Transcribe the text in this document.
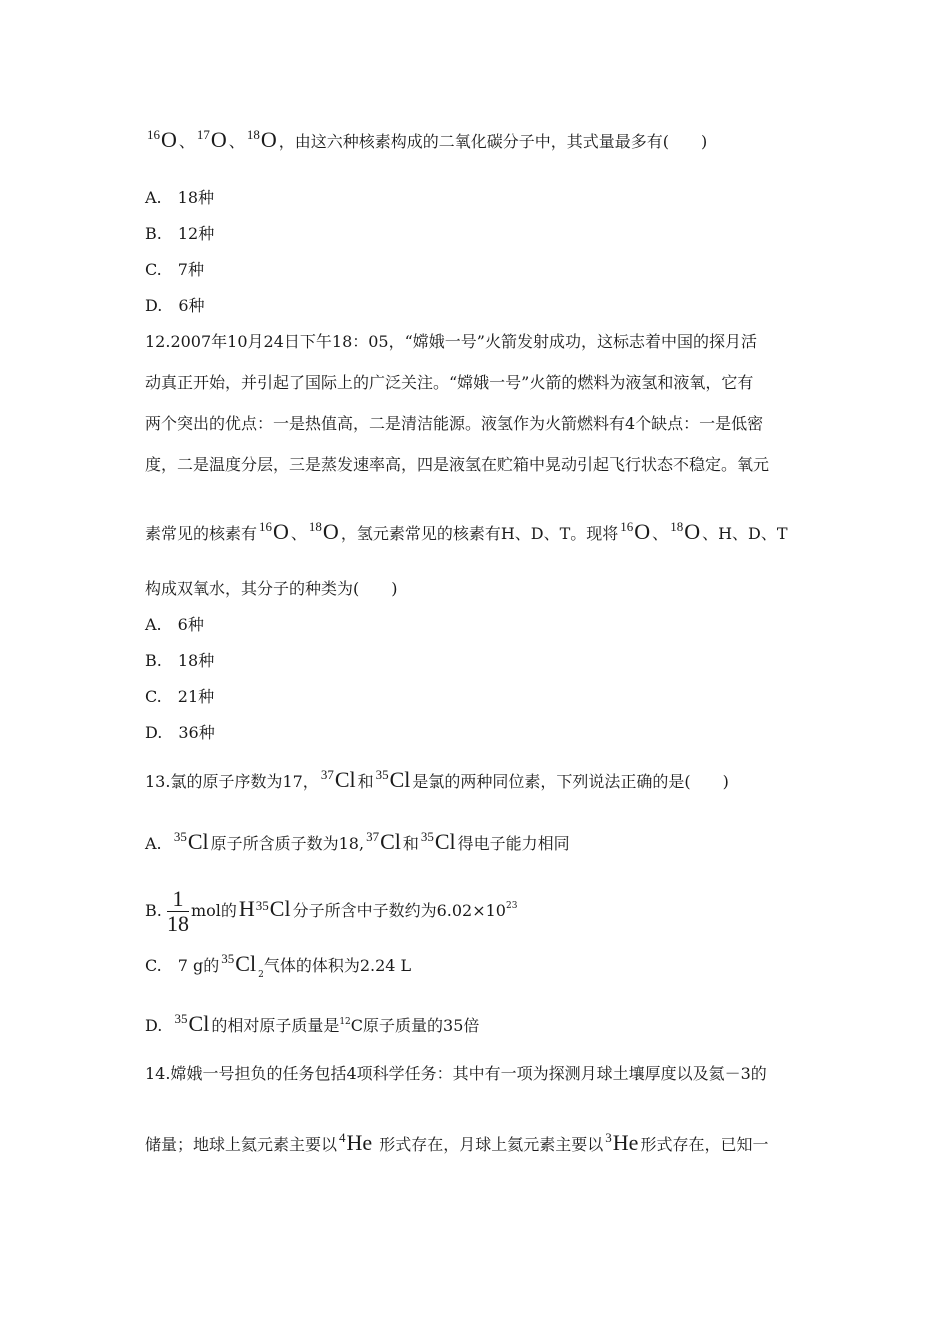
$^{16}$O 、 $^{17}$O 、 $^{18}$O ，由这六种核素构成的二氧化碳分子中，其式量最多有(　　)
A.　18种
B.　12种
C.　7种
D.　6种
12.2007年10月24日下午18：05，“嫦娥一号”火箭发射成功，这标志着中国的探月活
动真正开始，并引起了国际上的广泛关注。“嫦娥一号”火箭的燃料为液氢和液氧，它有
两个突出的优点：一是热值高，二是清洁能源。液氢作为火箭燃料有4个缺点：一是低密
度，二是温度分层，三是蒸发速率高，四是液氢在贮箱中晃动引起飞行状态不稳定。氧元
素常见的核素有 $^{16}$O 、 $^{18}$O ，氢元素常见的核素有H、D、T。现将 $^{16}$O 、 $^{18}$O 、H、D、T
构成双氧水，其分子的种类为(　　)
A.　6种
B.　18种
C.　21种
D.　36种
13.氯的原子序数为17， $^{37}$Cl 和 $^{35}$Cl 是氯的两种同位素，下列说法正确的是(　　)
A. $^{35}$Cl 原子所含质子数为18, $^{37}$Cl 和 $^{35}$Cl 得电子能力相同
B. $\frac{1}{18}$ mol的$H^{35}Cl$ 分子所含中子数约为$6.02\times 10^{23}$
C.　7 g的 $^{35}$Cl $_2$气体的体积为2.24 L
D. $^{35}$Cl 的相对原子质量是$^{12}$C原子质量的35倍
14.嫦娥一号担负的任务包括4项科学任务：其中有一项为探测月球土壤厚度以及氦－3的
储量；地球上氦元素主要以 $^4$He 形式存在，月球上氦元素主要以 $^3$He 形式存在，已知一
